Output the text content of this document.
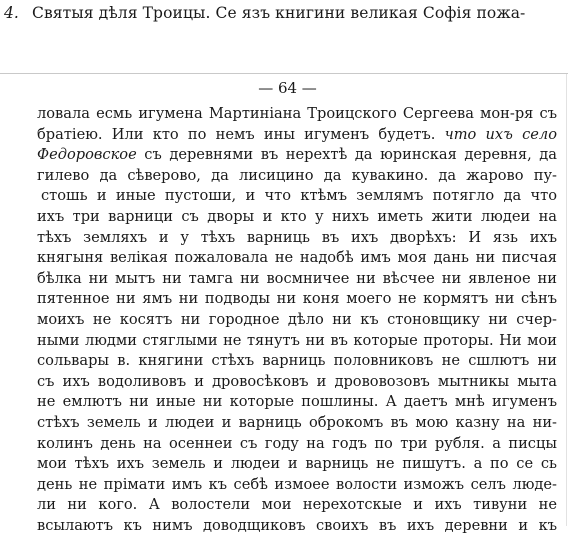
4. Святыя дѣля Троицы. Се язъ книгини великая Софія пожа-
— 64 —
ловала есмь игумена Мартиніана Троицского Сергеева мон-ря съ
братіею. Или кто по немъ ины игуменъ будетъ. что ихъ село
Федоровское съ деревнями въ нерехтѣ да юринская деревня, да
гилево да сѣверово, да лисицино да кувакино. да жарово пу-
стошь и иные пустоши, и что ктѣмъ землямъ потягло да что
ихъ три варници съ дворы и кто у нихъ иметь жити людеи на
тѣхъ земляхъ и у тѣхъ варниць въ ихъ дворѣхъ: И язь ихъ
княгыня велікая пожаловала не надобѣ имъ моя дань ни писчая
бѣлка ни мытъ ни тамга ни восмничее ни вѣсчее ни явленое ни
пятенное ни ямъ ни подводы ни коня моего не кормятъ ни сѣнъ
моихъ не косятъ ни городное дѣло ни къ стоновщику ни счер-
ными людми стяглыми не тянутъ ни въ которые проторы. Ни мои
сольвары в. княгини стѣхъ варниць половниковъ не сшлютъ ни
съ ихъ водоливовъ и дровосѣковъ и дрововозовъ мытникы мыта
не емлютъ ни иные ни которые пошлины. А даетъ мнѣ игуменъ
стѣхъ земель и людеи и варниць оброкомъ въ мою казну на ни-
колинъ день на осеннеи съ году на годъ по три рубля. а писцы
мои тѣхъ ихъ земель и людеи и варниць не пишутъ. а по се сь
день не прімати имъ къ себѣ измоее волости изможъ селъ люде-
ли ни кого. А волостели мои нерехотскые и ихъ тивуни не
всылаютъ къ нимъ доводщиковъ своихъ въ ихъ деревни и къ
